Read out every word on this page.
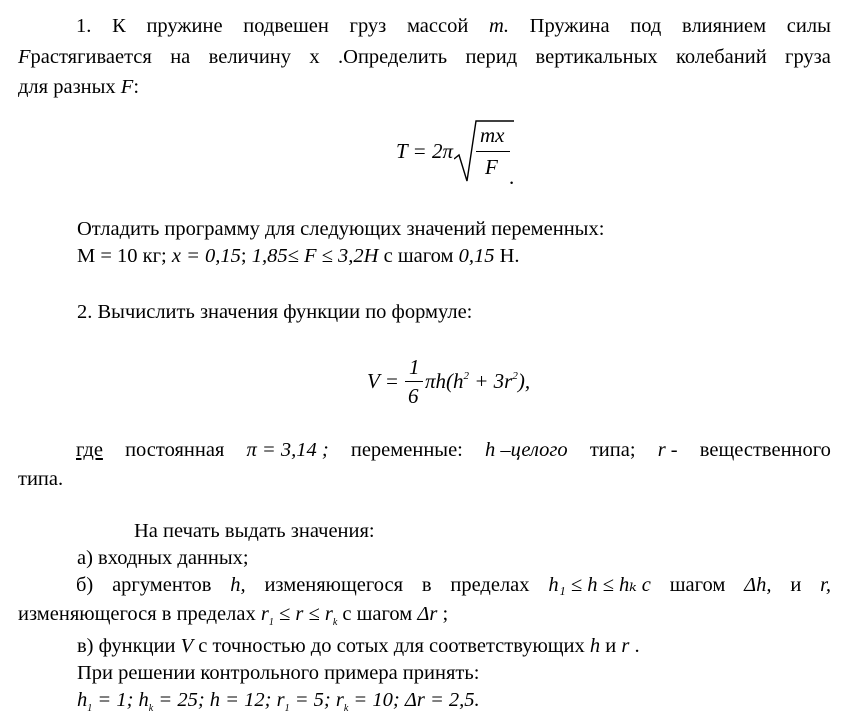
1. К пружине подвешен груз массой m. Пружина под влиянием силы
Fрастягивается на величину x .Определить перид вертикальных колебаний груза
для разных F:
T = 2π
mx
F .
Отладить программу для следующих значений переменных:
M = 10 кг; x = 0,15; 1,85≤ F ≤ 3,2H с шагом 0,15 Н.
2. Вычислить значения функции по формуле:
V =
1
6
$\pi h(h^2 + 3r^2)$,
где постоянная π = 3,14 ; переменные: h –целого типа; r - вещественного
типа.
На печать выдать значения:
а) входных данных;
б) аргументов h, изменяющегося в пределах h₁ ≤ h ≤ hₖ с шагом Δh, и r,
изменяющегося в пределах $r_1 \le r \le r_k$ с шагом Δr ;
в) функции V с точностью до сотых для соответствующих h и r .
При решении контрольного примера принять:
$h_1 = 1$; $h_k = 25$; h = 12; $r_1 = 5$; $r_k = 10$; Δr = 2,5.
